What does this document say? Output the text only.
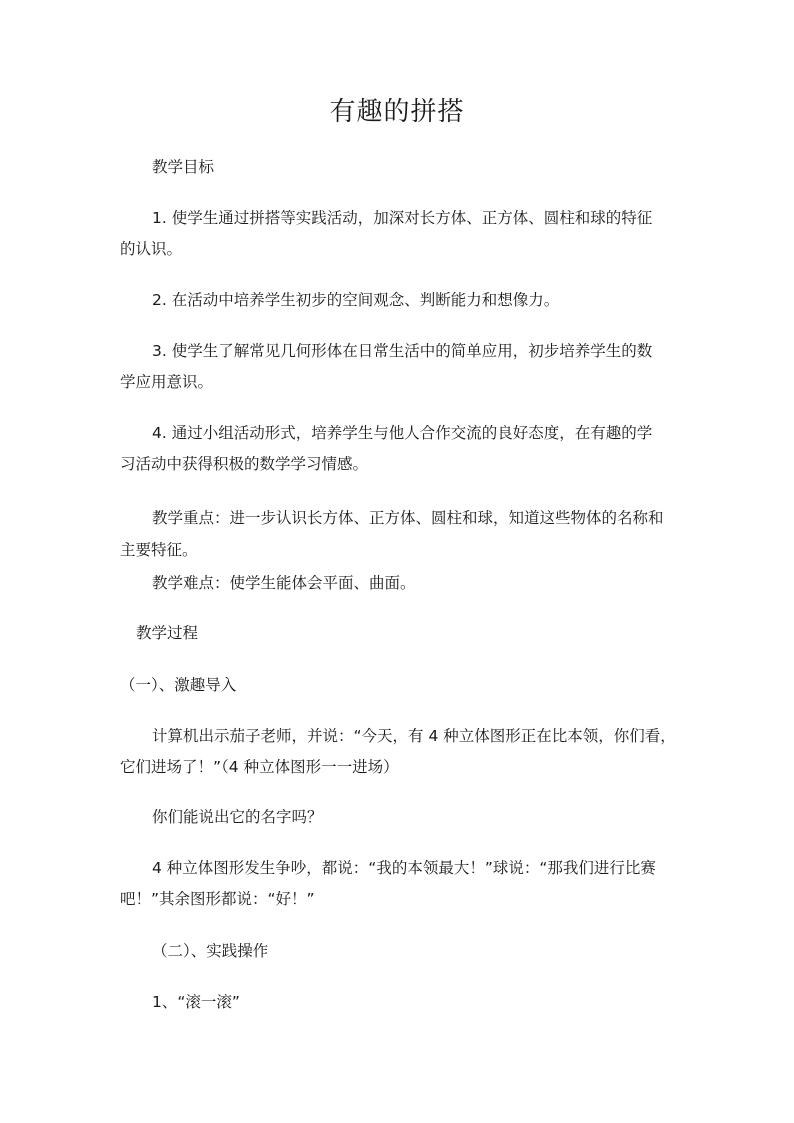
有趣的拼搭
教学目标
1. 使学生通过拼搭等实践活动，加深对长方体、正方体、圆柱和球的特征
的认识。
2. 在活动中培养学生初步的空间观念、判断能力和想像力。
3. 使学生了解常见几何形体在日常生活中的简单应用，初步培养学生的数
学应用意识。
4. 通过小组活动形式，培养学生与他人合作交流的良好态度，在有趣的学
习活动中获得积极的数学学习情感。
教学重点：进一步认识长方体、正方体、圆柱和球，知道这些物体的名称和
主要特征。
教学难点：使学生能体会平面、曲面。
教学过程
（一）、激趣导入
计算机出示茄子老师，并说：“今天，有 4 种立体图形正在比本领，你们看，
它们进场了！”（4 种立体图形一一进场）
你们能说出它的名字吗？
4 种立体图形发生争吵，都说：“我的本领最大！”球说：“那我们进行比赛
吧！”其余图形都说：“好！”
（二）、实践操作
1、“滚一滚”
